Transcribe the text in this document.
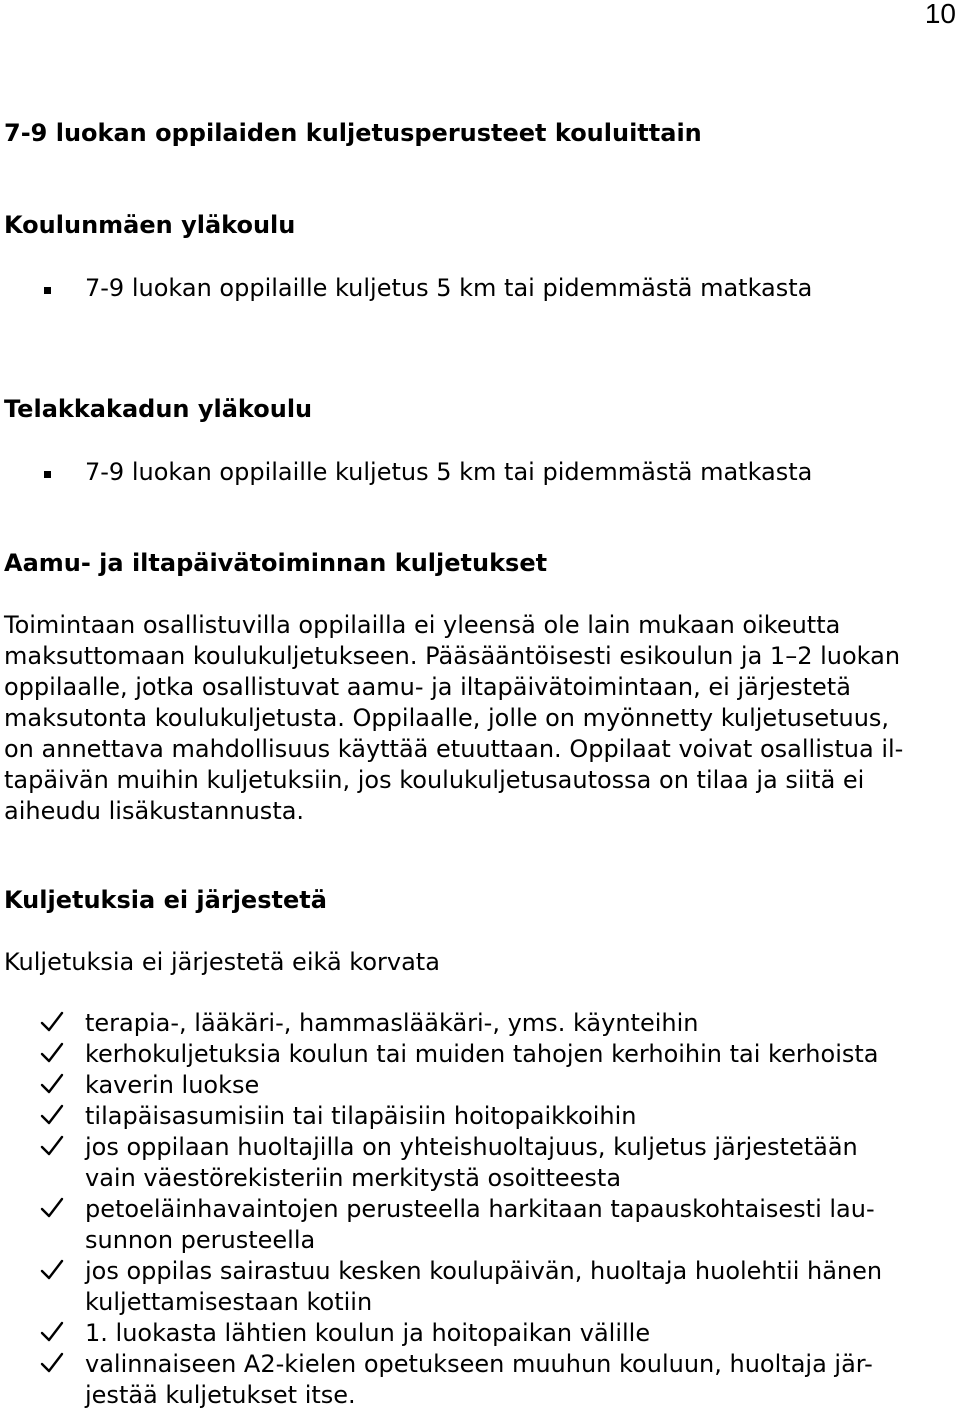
10
7-9 luokan oppilaiden kuljetusperusteet kouluittain
Koulunmäen yläkoulu
7-9 luokan oppilaille kuljetus 5 km tai pidemmästä matkasta
Telakkakadun yläkoulu
7-9 luokan oppilaille kuljetus 5 km tai pidemmästä matkasta
Aamu- ja iltapäivätoiminnan kuljetukset
Toimintaan osallistuvilla oppilailla ei yleensä ole lain mukaan oikeutta
maksuttomaan koulukuljetukseen. Pääsääntöisesti esikoulun ja 1–2 luokan
oppilaalle, jotka osallistuvat aamu- ja iltapäivätoimintaan, ei järjestetä
maksutonta koulukuljetusta. Oppilaalle, jolle on myönnetty kuljetusetuus,
on annettava mahdollisuus käyttää etuuttaan. Oppilaat voivat osallistua il-
tapäivän muihin kuljetuksiin, jos koulukuljetusautossa on tilaa ja siitä ei
aiheudu lisäkustannusta.
Kuljetuksia ei järjestetä
Kuljetuksia ei järjestetä eikä korvata
terapia-, lääkäri-, hammaslääkäri-, yms. käynteihin
kerhokuljetuksia koulun tai muiden tahojen kerhoihin tai kerhoista
kaverin luokse
tilapäisasumisiin tai tilapäisiin hoitopaikkoihin
jos oppilaan huoltajilla on yhteishuoltajuus, kuljetus järjestetään
vain väestörekisteriin merkitystä osoitteesta
petoeläinhavaintojen perusteella harkitaan tapauskohtaisesti lau-
sunnon perusteella
jos oppilas sairastuu kesken koulupäivän, huoltaja huolehtii hänen
kuljettamisestaan kotiin
1. luokasta lähtien koulun ja hoitopaikan välille
valinnaiseen A2-kielen opetukseen muuhun kouluun, huoltaja jär-
jestää kuljetukset itse.
